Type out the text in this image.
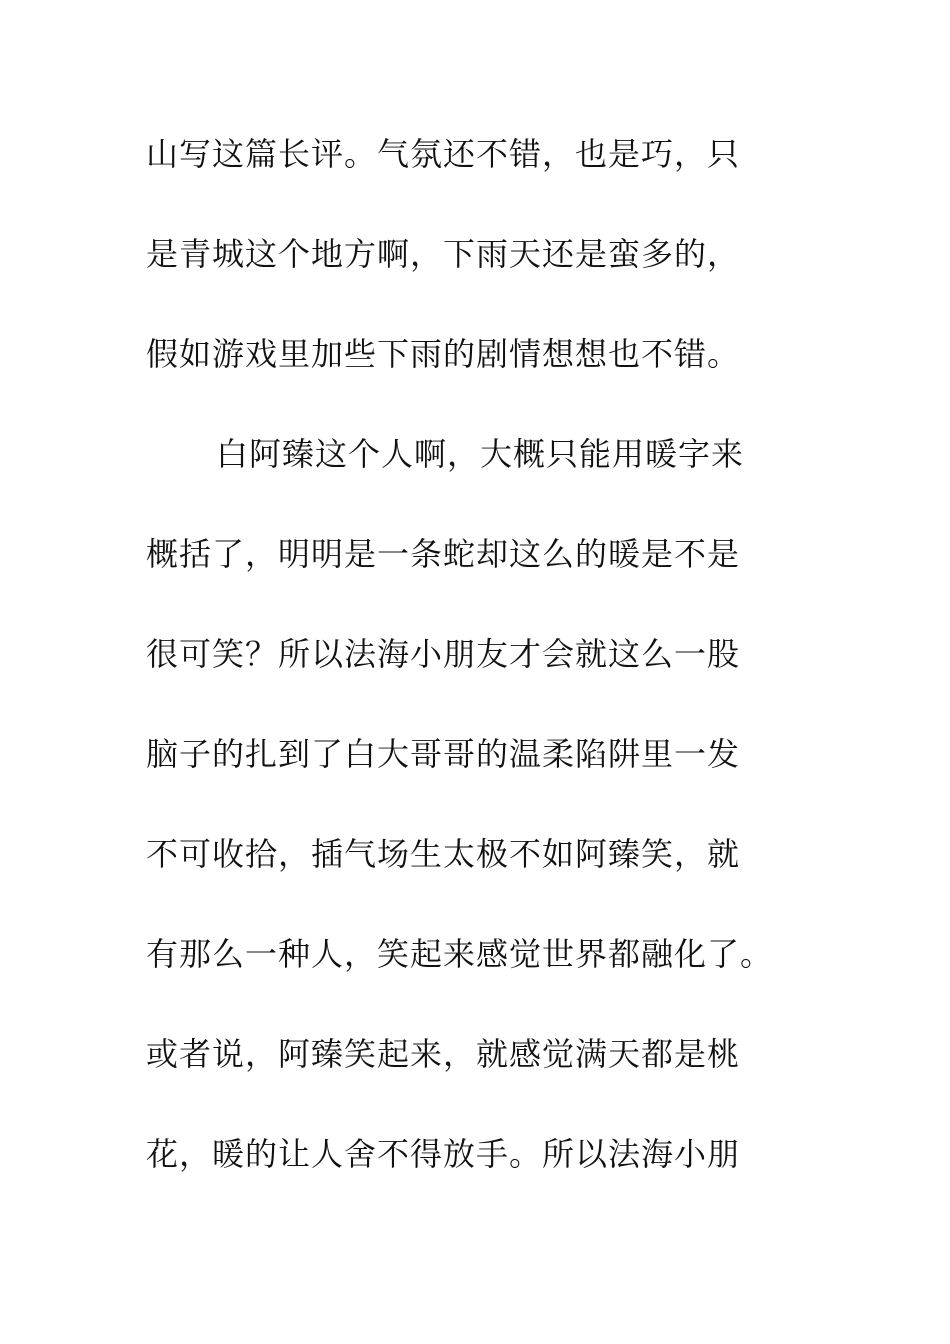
山写这篇长评。气氛还不错，也是巧，只
是青城这个地方啊，下雨天还是蛮多的，
假如游戏里加些下雨的剧情想想也不错。
白阿臻这个人啊，大概只能用暖字来
概括了，明明是一条蛇却这么的暖是不是
很可笑？所以法海小朋友才会就这么一股
脑子的扎到了白大哥哥的温柔陷阱里一发
不可收拾，插气场生太极不如阿臻笑，就
有那么一种人，笑起来感觉世界都融化了。
或者说，阿臻笑起来，就感觉满天都是桃
花，暖的让人舍不得放手。所以法海小朋
